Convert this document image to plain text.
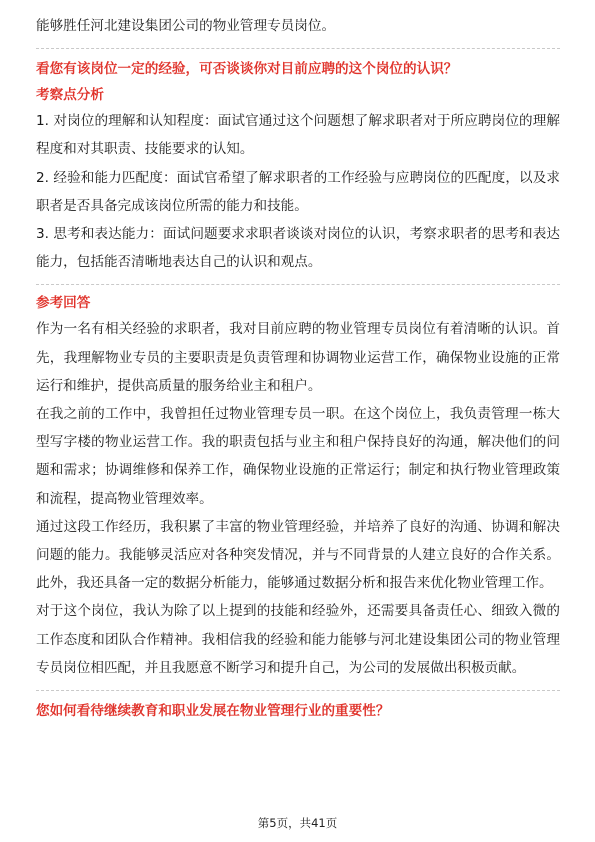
能够胜任河北建设集团公司的物业管理专员岗位。

看您有该岗位一定的经验，可否谈谈你对目前应聘的这个岗位的认识？

考察点分析

1. 对岗位的理解和认知程度：面试官通过这个问题想了解求职者对于所应聘岗位的理解程度和对其职责、技能要求的认知。

2. 经验和能力匹配度：面试官希望了解求职者的工作经验与应聘岗位的匹配度，以及求职者是否具备完成该岗位所需的能力和技能。

3. 思考和表达能力：面试问题要求求职者谈谈对岗位的认识，考察求职者的思考和表达能力，包括能否清晰地表达自己的认识和观点。

参考回答

作为一名有相关经验的求职者，我对目前应聘的物业管理专员岗位有着清晰的认识。首先，我理解物业专员的主要职责是负责管理和协调物业运营工作，确保物业设施的正常运行和维护，提供高质量的服务给业主和租户。

在我之前的工作中，我曾担任过物业管理专员一职。在这个岗位上，我负责管理一栋大型写字楼的物业运营工作。我的职责包括与业主和租户保持良好的沟通，解决他们的问题和需求；协调维修和保养工作，确保物业设施的正常运行；制定和执行物业管理政策和流程，提高物业管理效率。

通过这段工作经历，我积累了丰富的物业管理经验，并培养了良好的沟通、协调和解决问题的能力。我能够灵活应对各种突发情况，并与不同背景的人建立良好的合作关系。此外，我还具备一定的数据分析能力，能够通过数据分析和报告来优化物业管理工作。

对于这个岗位，我认为除了以上提到的技能和经验外，还需要具备责任心、细致入微的工作态度和团队合作精神。我相信我的经验和能力能够与河北建设集团公司的物业管理专员岗位相匹配，并且我愿意不断学习和提升自己，为公司的发展做出积极贡献。

您如何看待继续教育和职业发展在物业管理行业的重要性？

第5页，共41页
